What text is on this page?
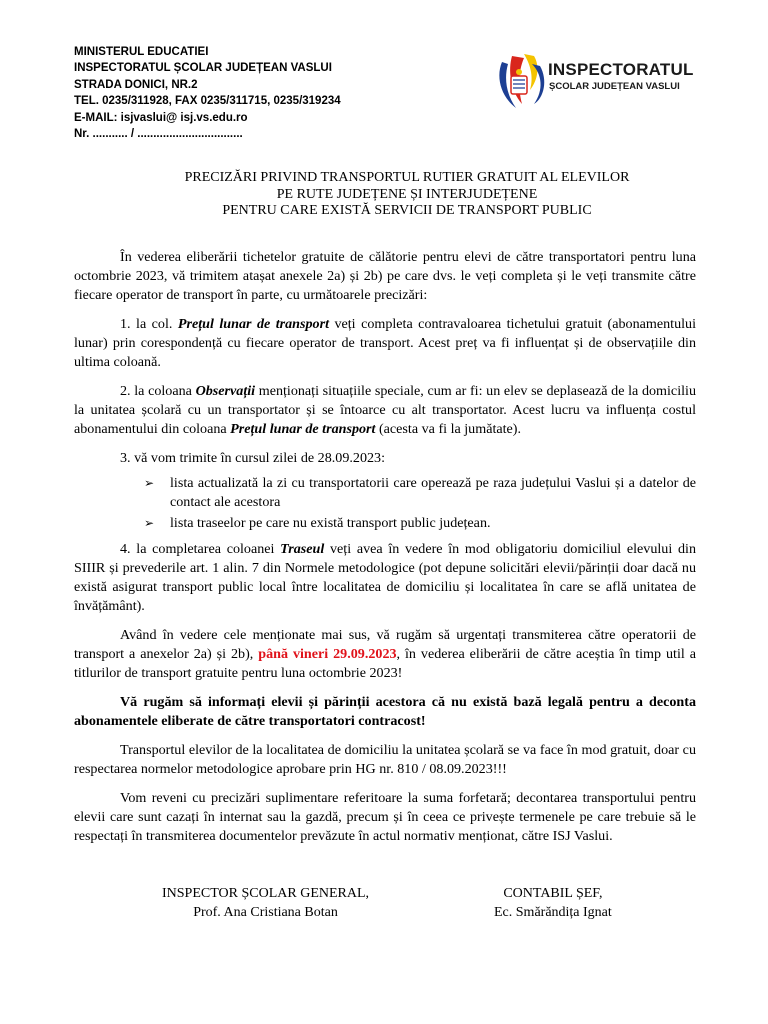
MINISTERUL EDUCATIEI
INSPECTORATUL ȘCOLAR JUDEȚEAN VASLUI
STRADA DONICI, NR.2
TEL. 0235/311928, FAX 0235/311715, 0235/319234
E-MAIL: isjvaslui@ isj.vs.edu.ro
Nr. ........... / .................................
INSPECTORATUL
ȘCOLAR JUDEȚEAN VASLUI
PRECIZĂRI PRIVIND TRANSPORTUL RUTIER GRATUIT AL ELEVILOR
PE RUTE JUDEȚENE ȘI INTERJUDEȚENE
PENTRU CARE EXISTĂ SERVICII DE TRANSPORT PUBLIC

În vederea eliberării tichetelor gratuite de călătorie pentru elevi de către transportatori pentru luna octombrie 2023, vă trimitem atașat anexele 2a) și 2b) pe care dvs. le veți completa și le veți transmite către fiecare operator de transport în parte, cu următoarele precizări:

1. la col. Prețul lunar de transport veți completa contravaloarea tichetului gratuit (abonamentului lunar) prin corespondență cu fiecare operator de transport. Acest preț va fi influențat și de observațiile din ultima coloană.

2. la coloana Observații menționați situațiile speciale, cum ar fi: un elev se deplasează de la domiciliu la unitatea școlară cu un transportator și se întoarce cu alt transportator. Acest lucru va influența costul abonamentului din coloana Prețul lunar de transport (acesta va fi la jumătate).

3. vă vom trimite în cursul zilei de 28.09.2023:

➢ lista actualizată la zi cu transportatorii care operează pe raza județului Vaslui și a datelor de contact ale acestora
➢ lista traseelor pe care nu există transport public județean.

4. la completarea coloanei Traseul veți avea în vedere în mod obligatoriu domiciliul elevului din SIIIR și prevederile art. 1 alin. 7 din Normele metodologice (pot depune solicitări elevii/părinții doar dacă nu există asigurat transport public local între localitatea de domiciliu și localitatea în care se află unitatea de învățământ).

Având în vedere cele menționate mai sus, vă rugăm să urgentați transmiterea către operatorii de transport a anexelor 2a) și 2b), până vineri 29.09.2023, în vederea eliberării de către aceștia în timp util a titlurilor de transport gratuite pentru luna octombrie 2023!

Vă rugăm să informați elevii și părinții acestora că nu există bază legală pentru a deconta abonamentele eliberate de către transportatori contracost!

Transportul elevilor de la localitatea de domiciliu la unitatea școlară se va face în mod gratuit, doar cu respectarea normelor metodologice aprobare prin HG nr. 810 / 08.09.2023!!!

Vom reveni cu precizări suplimentare referitoare la suma forfetară; decontarea transportului pentru elevii care sunt cazați în internat sau la gazdă, precum și în ceea ce privește termenele pe care trebuie să le respectați în transmiterea documentelor prevăzute în actul normativ menționat, către ISJ Vaslui.

INSPECTOR ȘCOLAR GENERAL,
Prof. Ana Cristiana Botan
CONTABIL ȘEF,
Ec. Smărăndița Ignat
